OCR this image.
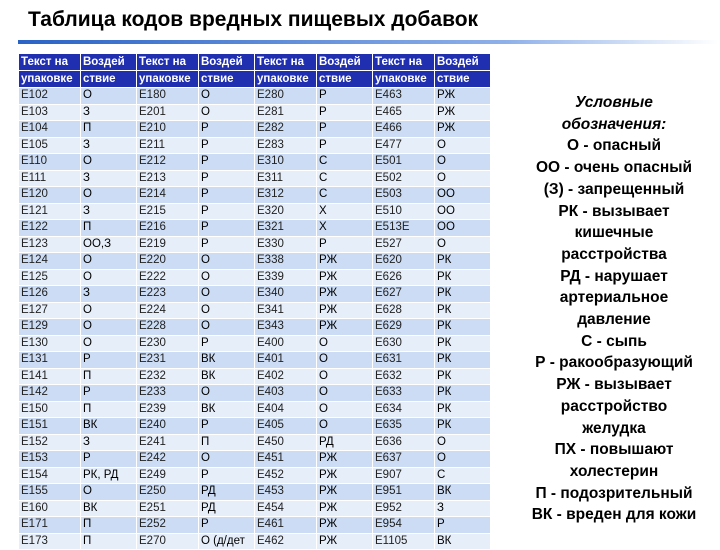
Таблица кодов вредных пищевых добавок
Текст на	Воздей	Текст на	Воздей	Текст на	Воздей	Текст на	Воздей
упаковке	ствие	упаковке	ствие	упаковке	ствие	упаковке	ствие
E102	О	E180	О	E280	Р	E463	РЖ
E103	З	E201	О	E281	Р	E465	РЖ
E104	П	E210	Р	E282	Р	E466	РЖ
E105	З	E211	Р	E283	Р	E477	О
E110	О	E212	Р	E310	С	E501	О
E111	З	E213	Р	E311	С	E502	О
E120	О	E214	Р	E312	С	E503	ОО
E121	З	E215	Р	E320	Х	E510	ОО
E122	П	E216	Р	E321	Х	E513Е	ОО
E123	ОО,З	E219	Р	E330	Р	E527	О
E124	О	E220	О	E338	РЖ	E620	РК
E125	О	E222	О	E339	РЖ	E626	РК
E126	З	E223	О	E340	РЖ	E627	РК
E127	О	E224	О	E341	РЖ	E628	РК
E129	О	E228	О	E343	РЖ	E629	РК
E130	О	E230	Р	E400	О	E630	РК
E131	Р	E231	ВК	E401	О	E631	РК
E141	П	E232	ВК	E402	О	E632	РК
E142	Р	E233	О	E403	О	E633	РК
E150	П	E239	ВК	E404	О	E634	РК
E151	ВК	E240	Р	E405	О	E635	РК
E152	З	E241	П	E450	РД	E636	О
E153	Р	E242	О	E451	РЖ	E637	О
E154	РК, РД	E249	Р	E452	РЖ	E907	С
E155	О	E250	РД	E453	РЖ	E951	ВК
E160	ВК	E251	РД	E454	РЖ	E952	З
E171	П	E252	Р	E461	РЖ	E954	Р
E173	П	E270	О (д/дет	E462	РЖ	E1105	ВК
Условные
обозначения:
О - опасный
ОО - очень опасный
(З) - запрещенный
РК - вызывает
кишечные
расстройства
РД - нарушает
артериальное
давление
С - сыпь
Р - ракообразующий
РЖ - вызывает
расстройство
желудка
ПХ - повышают
холестерин
П - подозрительный
ВК - вреден для кожи
